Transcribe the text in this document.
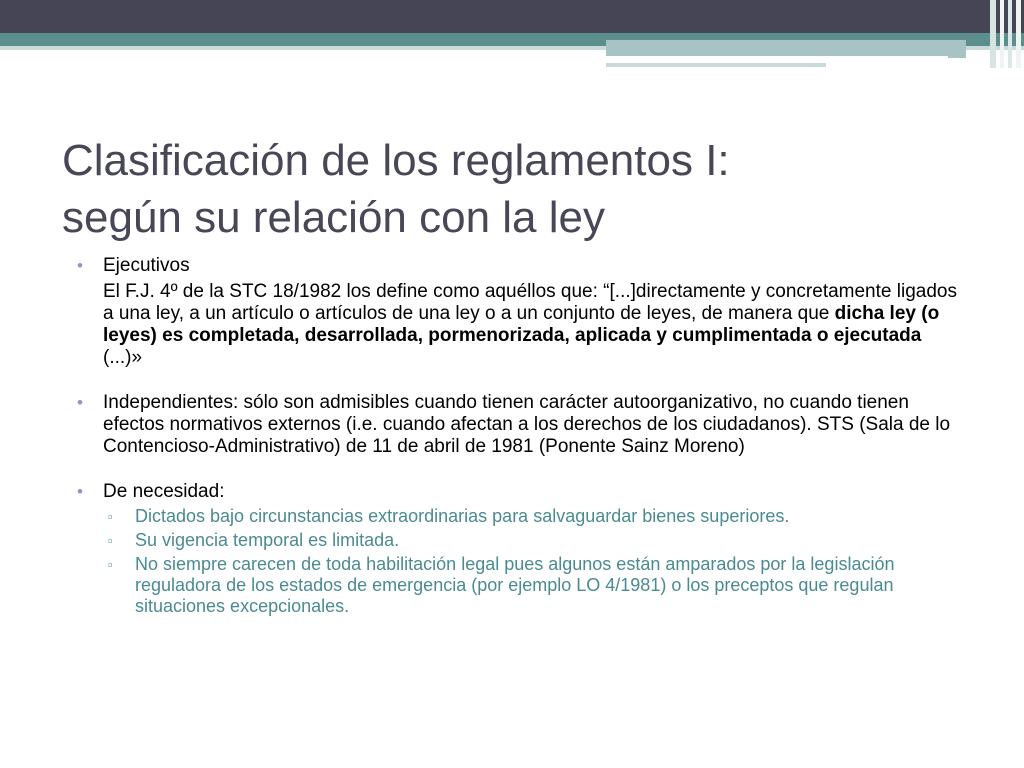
Clasificación de los reglamentos I:
según su relación con la ley
• Ejecutivos
El F.J. 4º de la STC 18/1982 los define como aquéllos que: “[...]directamente y concretamente ligados a una ley, a un artículo o artículos de una ley o a un conjunto de leyes, de manera que dicha ley (o leyes) es completada, desarrollada, pormenorizada, aplicada y cumplimentada o ejecutada (...)»
• Independientes: sólo son admisibles cuando tienen carácter autoorganizativo, no cuando tienen efectos normativos externos (i.e. cuando afectan a los derechos de los ciudadanos). STS (Sala de lo Contencioso-Administrativo) de 11 de abril de 1981 (Ponente Sainz Moreno)
• De necesidad:
▫ Dictados bajo circunstancias extraordinarias para salvaguardar bienes superiores.
▫ Su vigencia temporal es limitada.
▫ No siempre carecen de toda habilitación legal pues algunos están amparados por la legislación reguladora de los estados de emergencia (por ejemplo LO 4/1981) o los preceptos que regulan situaciones excepcionales.
